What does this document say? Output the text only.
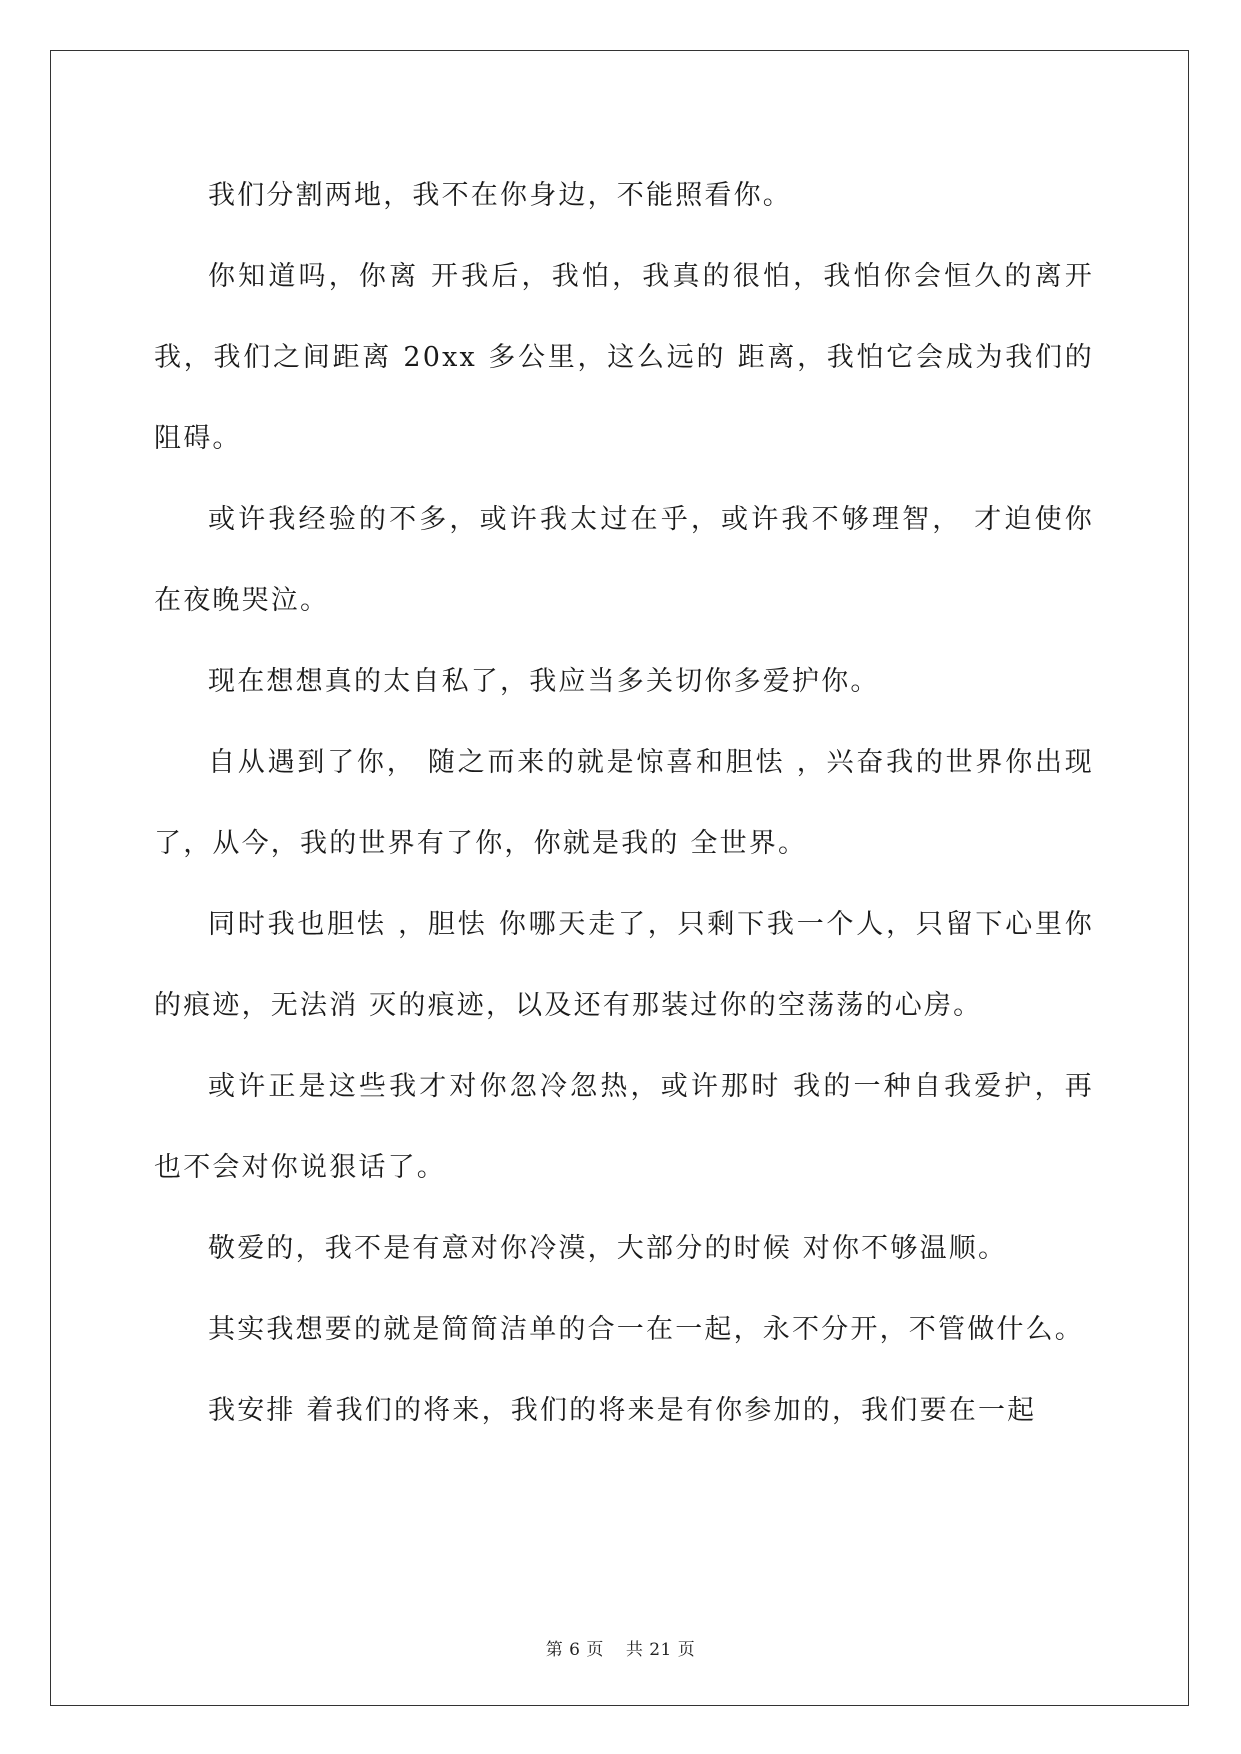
我们分割两地，我不在你身边，不能照看你。

你知道吗，你离 开我后，我怕，我真的很怕，我怕你会恒久的离开我，我们之间距离 20xx 多公里，这么远的 距离，我怕它会成为我们的阻碍。

或许我经验的不多，或许我太过在乎，或许我不够理智， 才迫使你在夜晚哭泣。

现在想想真的太自私了，我应当多关切你多爱护你。

自从遇到了你， 随之而来的就是惊喜和胆怯 ，兴奋我的世界你出现了，从今，我的世界有了你，你就是我的 全世界。

同时我也胆怯 ，胆怯 你哪天走了，只剩下我一个人，只留下心里你的痕迹，无法消 灭的痕迹，以及还有那装过你的空荡荡的心房。

或许正是这些我才对你忽冷忽热，或许那时 我的一种自我爱护，再也不会对你说狠话了。

敬爱的，我不是有意对你冷漠，大部分的时候 对你不够温顺。

其实我想要的就是简简洁单的合一在一起，永不分开，不管做什么。

我安排 着我们的将来，我们的将来是有你参加的，我们要在一起

第 6 页 共 21 页
